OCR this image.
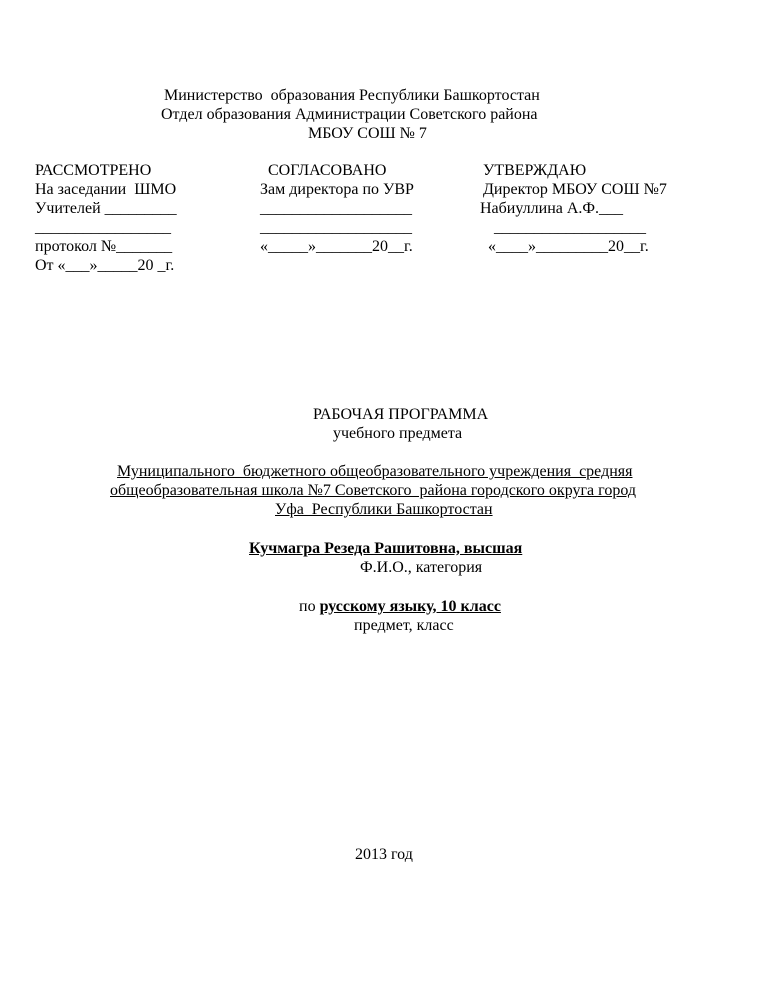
Министерство  образования Республики Башкортостан
Отдел образования Администрации Советского района
МБОУ СОШ № 7
РАССМОТРЕНО
На заседании  ШМО
Учителей _________
_________________
протокол №_______
От «___»_____20 _г.
СОГЛАСОВАНО
Зам директора по УВР
___________________
___________________
«_____»_______20__г.
УТВЕРЖДАЮ
Директор МБОУ СОШ №7
Набиуллина А.Ф.___
___________________
«____»_________20__г.
РАБОЧАЯ ПРОГРАММА
учебного предмета
Муниципального  бюджетного общеобразовательного учреждения  средняя
общеобразовательная школа №7 Советского  района городского округа город
Уфа  Республики Башкортостан
Кучмагра Резеда Рашитовна, высшая
Ф.И.О., категория
по русскому языку, 10 класс
предмет, класс
2013 год
